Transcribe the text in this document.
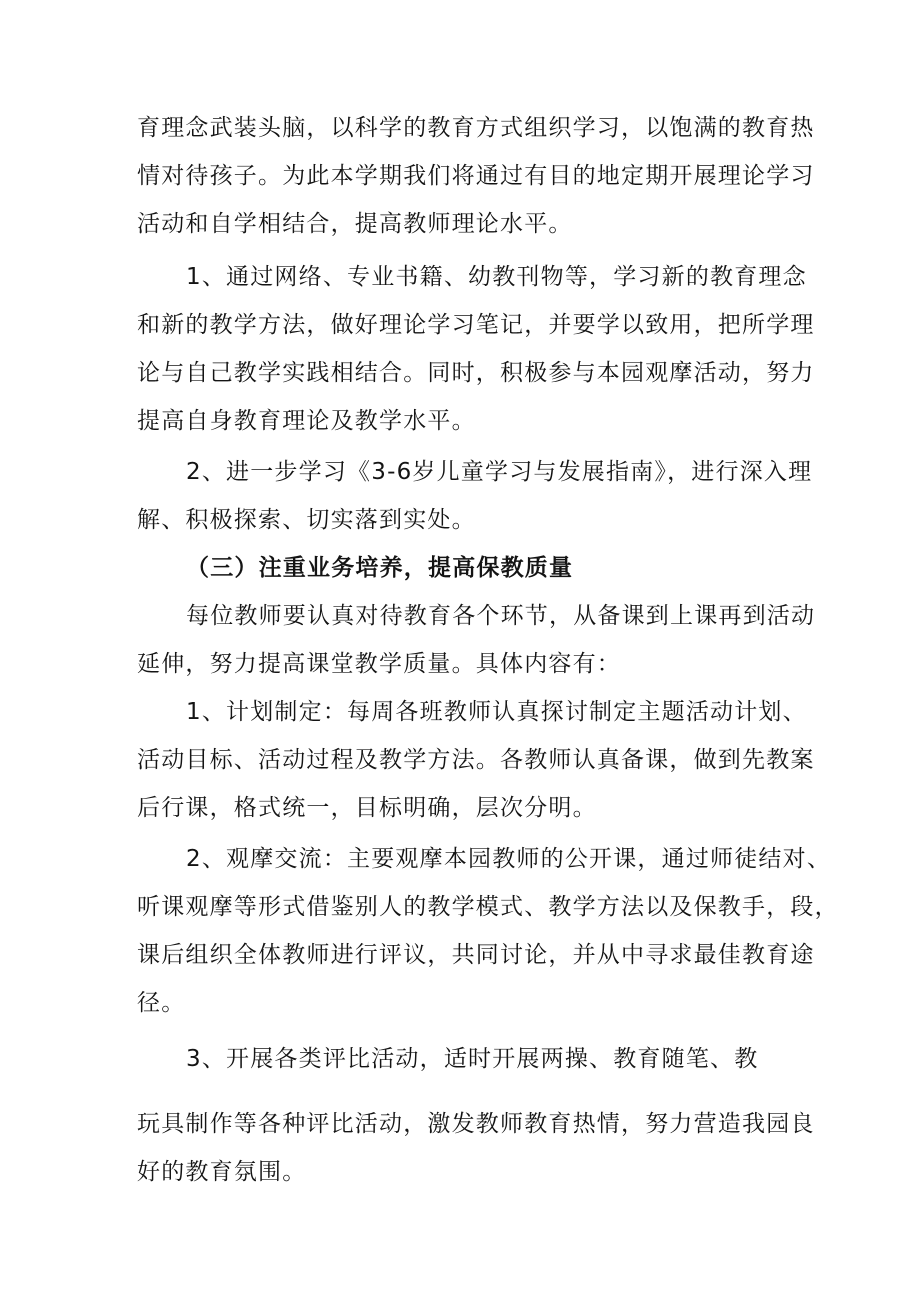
育理念武装头脑，以科学的教育方式组织学习，以饱满的教育热
情对待孩子。为此本学期我们将通过有目的地定期开展理论学习
活动和自学相结合，提高教师理论水平。
1、通过网络、专业书籍、幼教刊物等，学习新的教育理念
和新的教学方法，做好理论学习笔记，并要学以致用，把所学理
论与自己教学实践相结合。同时，积极参与本园观摩活动，努力
提高自身教育理论及教学水平。
2、进一步学习《3-6岁儿童学习与发展指南》，进行深入理
解、积极探索、切实落到实处。
（三）注重业务培养，提高保教质量
每位教师要认真对待教育各个环节，从备课到上课再到活动
延伸，努力提高课堂教学质量。具体内容有：
1、计划制定：每周各班教师认真探讨制定主题活动计划、
活动目标、活动过程及教学方法。各教师认真备课，做到先教案
后行课，格式统一，目标明确，层次分明。
2、观摩交流：主要观摩本园教师的公开课，通过师徒结对、
听课观摩等形式借鉴别人的教学模式、教学方法以及保教手，段，
课后组织全体教师进行评议，共同讨论，并从中寻求最佳教育途
径。
3、开展各类评比活动，适时开展两操、教育随笔、教
玩具制作等各种评比活动，激发教师教育热情，努力营造我园良
好的教育氛围。
